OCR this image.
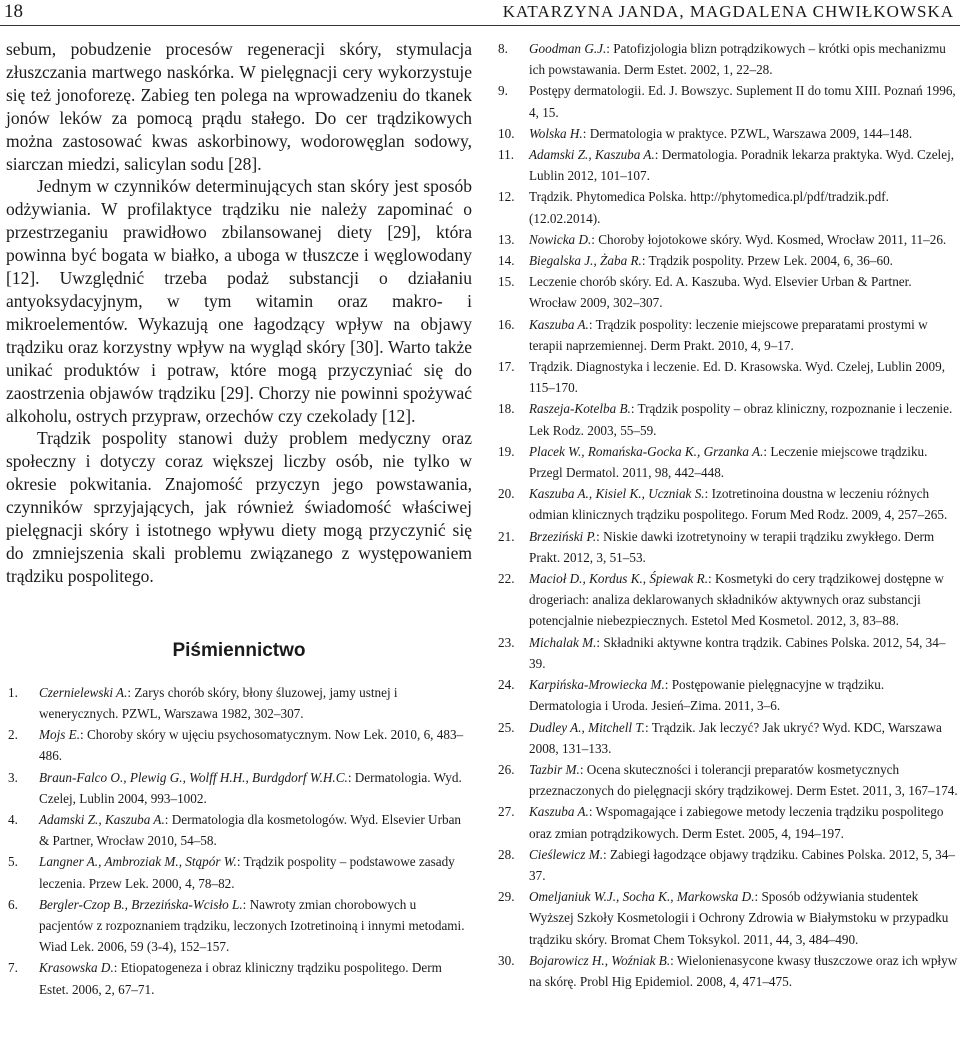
18	KATARZYNA JANDA, MAGDALENA CHWIŁKOWSKA

sebum, pobudzenie procesów regeneracji skóry, stymulacja złuszczania martwego naskórka. W pielęgnacji cery wykorzystuje się też jonoforezę. Zabieg ten polega na wprowadzeniu do tkanek jonów leków za pomocą prądu stałego. Do cer trądzikowych można zastosować kwas askorbinowy, wodorowęglan sodowy, siarczan miedzi, salicylan sodu [28].

Jednym w czynników determinujących stan skóry jest sposób odżywiania. W profilaktyce trądziku nie należy zapominać o przestrzeganiu prawidłowo zbilansowanej diety [29], która powinna być bogata w białko, a uboga w tłuszcze i węglowodany [12]. Uwzględnić trzeba podaż substancji o działaniu antyoksydacyjnym, w tym witamin oraz makro- i mikroelementów. Wykazują one łagodzący wpływ na objawy trądziku oraz korzystny wpływ na wygląd skóry [30]. Warto także unikać produktów i potraw, które mogą przyczyniać się do zaostrzenia objawów trądziku [29]. Chorzy nie powinni spożywać alkoholu, ostrych przypraw, orzechów czy czekolady [12].

Trądzik pospolity stanowi duży problem medyczny oraz społeczny i dotyczy coraz większej liczby osób, nie tylko w okresie pokwitania. Znajomość przyczyn jego powstawania, czynników sprzyjających, jak również świadomość właściwej pielęgnacji skóry i istotnego wpływu diety mogą przyczynić się do zmniejszenia skali problemu związanego z występowaniem trądziku pospolitego.

Piśmiennictwo
1.	Czernielewski A.: Zarys chorób skóry, błony śluzowej, jamy ustnej i wenerycznych. PZWL, Warszawa 1982, 302–307.
2.	Mojs E.: Choroby skóry w ujęciu psychosomatycznym. Now Lek. 2010, 6, 483–486.
3.	Braun-Falco O., Plewig G., Wolff H.H., Burdgdorf W.H.C.: Dermatologia. Wyd. Czelej, Lublin 2004, 993–1002.
4.	Adamski Z., Kaszuba A.: Dermatologia dla kosmetologów. Wyd. Elsevier Urban & Partner, Wrocław 2010, 54–58.
5.	Langner A., Ambroziak M., Stąpór W.: Trądzik pospolity – podstawowe zasady leczenia. Przew Lek. 2000, 4, 78–82.
6.	Bergler-Czop B., Brzezińska-Wcisło L.: Nawroty zmian chorobowych u pacjentów z rozpoznaniem trądziku, leczonych Izotretinoiną i innymi metodami. Wiad Lek. 2006, 59 (3-4), 152–157.
7.	Krasowska D.: Etiopatogeneza i obraz kliniczny trądziku pospolitego. Derm Estet. 2006, 2, 67–71.
8.	Goodman G.J.: Patofizjologia blizn potrądzikowych – krótki opis mechanizmu ich powstawania. Derm Estet. 2002, 1, 22–28.
9.	Postępy dermatologii. Ed. J. Bowszyc. Suplement II do tomu XIII. Poznań 1996, 4, 15.
10.	Wolska H.: Dermatologia w praktyce. PZWL, Warszawa 2009, 144–148.
11.	Adamski Z., Kaszuba A.: Dermatologia. Poradnik lekarza praktyka. Wyd. Czelej, Lublin 2012, 101–107.
12.	Trądzik. Phytomedica Polska. http://phytomedica.pl/pdf/tradzik.pdf. (12.02.2014).
13.	Nowicka D.: Choroby łojotokowe skóry. Wyd. Kosmed, Wrocław 2011, 11–26.
14.	Biegalska J., Żaba R.: Trądzik pospolity. Przew Lek. 2004, 6, 36–60.
15.	Leczenie chorób skóry. Ed. A. Kaszuba. Wyd. Elsevier Urban & Partner. Wrocław 2009, 302–307.
16.	Kaszuba A.: Trądzik pospolity: leczenie miejscowe preparatami prostymi w terapii naprzemiennej. Derm Prakt. 2010, 4, 9–17.
17.	Trądzik. Diagnostyka i leczenie. Ed. D. Krasowska. Wyd. Czelej, Lublin 2009, 115–170.
18.	Raszeja-Kotelba B.: Trądzik pospolity – obraz kliniczny, rozpoznanie i leczenie. Lek Rodz. 2003, 55–59.
19.	Placek W., Romańska-Gocka K., Grzanka A.: Leczenie miejscowe trądziku. Przegl Dermatol. 2011, 98, 442–448.
20.	Kaszuba A., Kisiel K., Uczniak S.: Izotretinoina doustna w leczeniu różnych odmian klinicznych trądziku pospolitego. Forum Med Rodz. 2009, 4, 257–265.
21.	Brzeziński P.: Niskie dawki izotretynoiny w terapii trądziku zwykłego. Derm Prakt. 2012, 3, 51–53.
22.	Macioł D., Kordus K., Śpiewak R.: Kosmetyki do cery trądzikowej dostępne w drogeriach: analiza deklarowanych składników aktywnych oraz substancji potencjalnie niebezpiecznych. Estetol Med Kosmetol. 2012, 3, 83–88.
23.	Michalak M.: Składniki aktywne kontra trądzik. Cabines Polska. 2012, 54, 34–39.
24.	Karpińska-Mrowiecka M.: Postępowanie pielęgnacyjne w trądziku. Dermatologia i Uroda. Jesień–Zima. 2011, 3–6.
25.	Dudley A., Mitchell T.: Trądzik. Jak leczyć? Jak ukryć? Wyd. KDC, Warszawa 2008, 131–133.
26.	Tazbir M.: Ocena skuteczności i tolerancji preparatów kosmetycznych przeznaczonych do pielęgnacji skóry trądzikowej. Derm Estet. 2011, 3, 167–174.
27.	Kaszuba A.: Wspomagające i zabiegowe metody leczenia trądziku pospolitego oraz zmian potrądzikowych. Derm Estet. 2005, 4, 194–197.
28.	Cieślewicz M.: Zabiegi łagodzące objawy trądziku. Cabines Polska. 2012, 5, 34–37.
29.	Omeljaniuk W.J., Socha K., Markowska D.: Sposób odżywiania studentek Wyższej Szkoły Kosmetologii i Ochrony Zdrowia w Białymstoku w przypadku trądziku skóry. Bromat Chem Toksykol. 2011, 44, 3, 484–490.
30.	Bojarowicz H., Woźniak B.: Wielonienasycone kwasy tłuszczowe oraz ich wpływ na skórę. Probl Hig Epidemiol. 2008, 4, 471–475.
